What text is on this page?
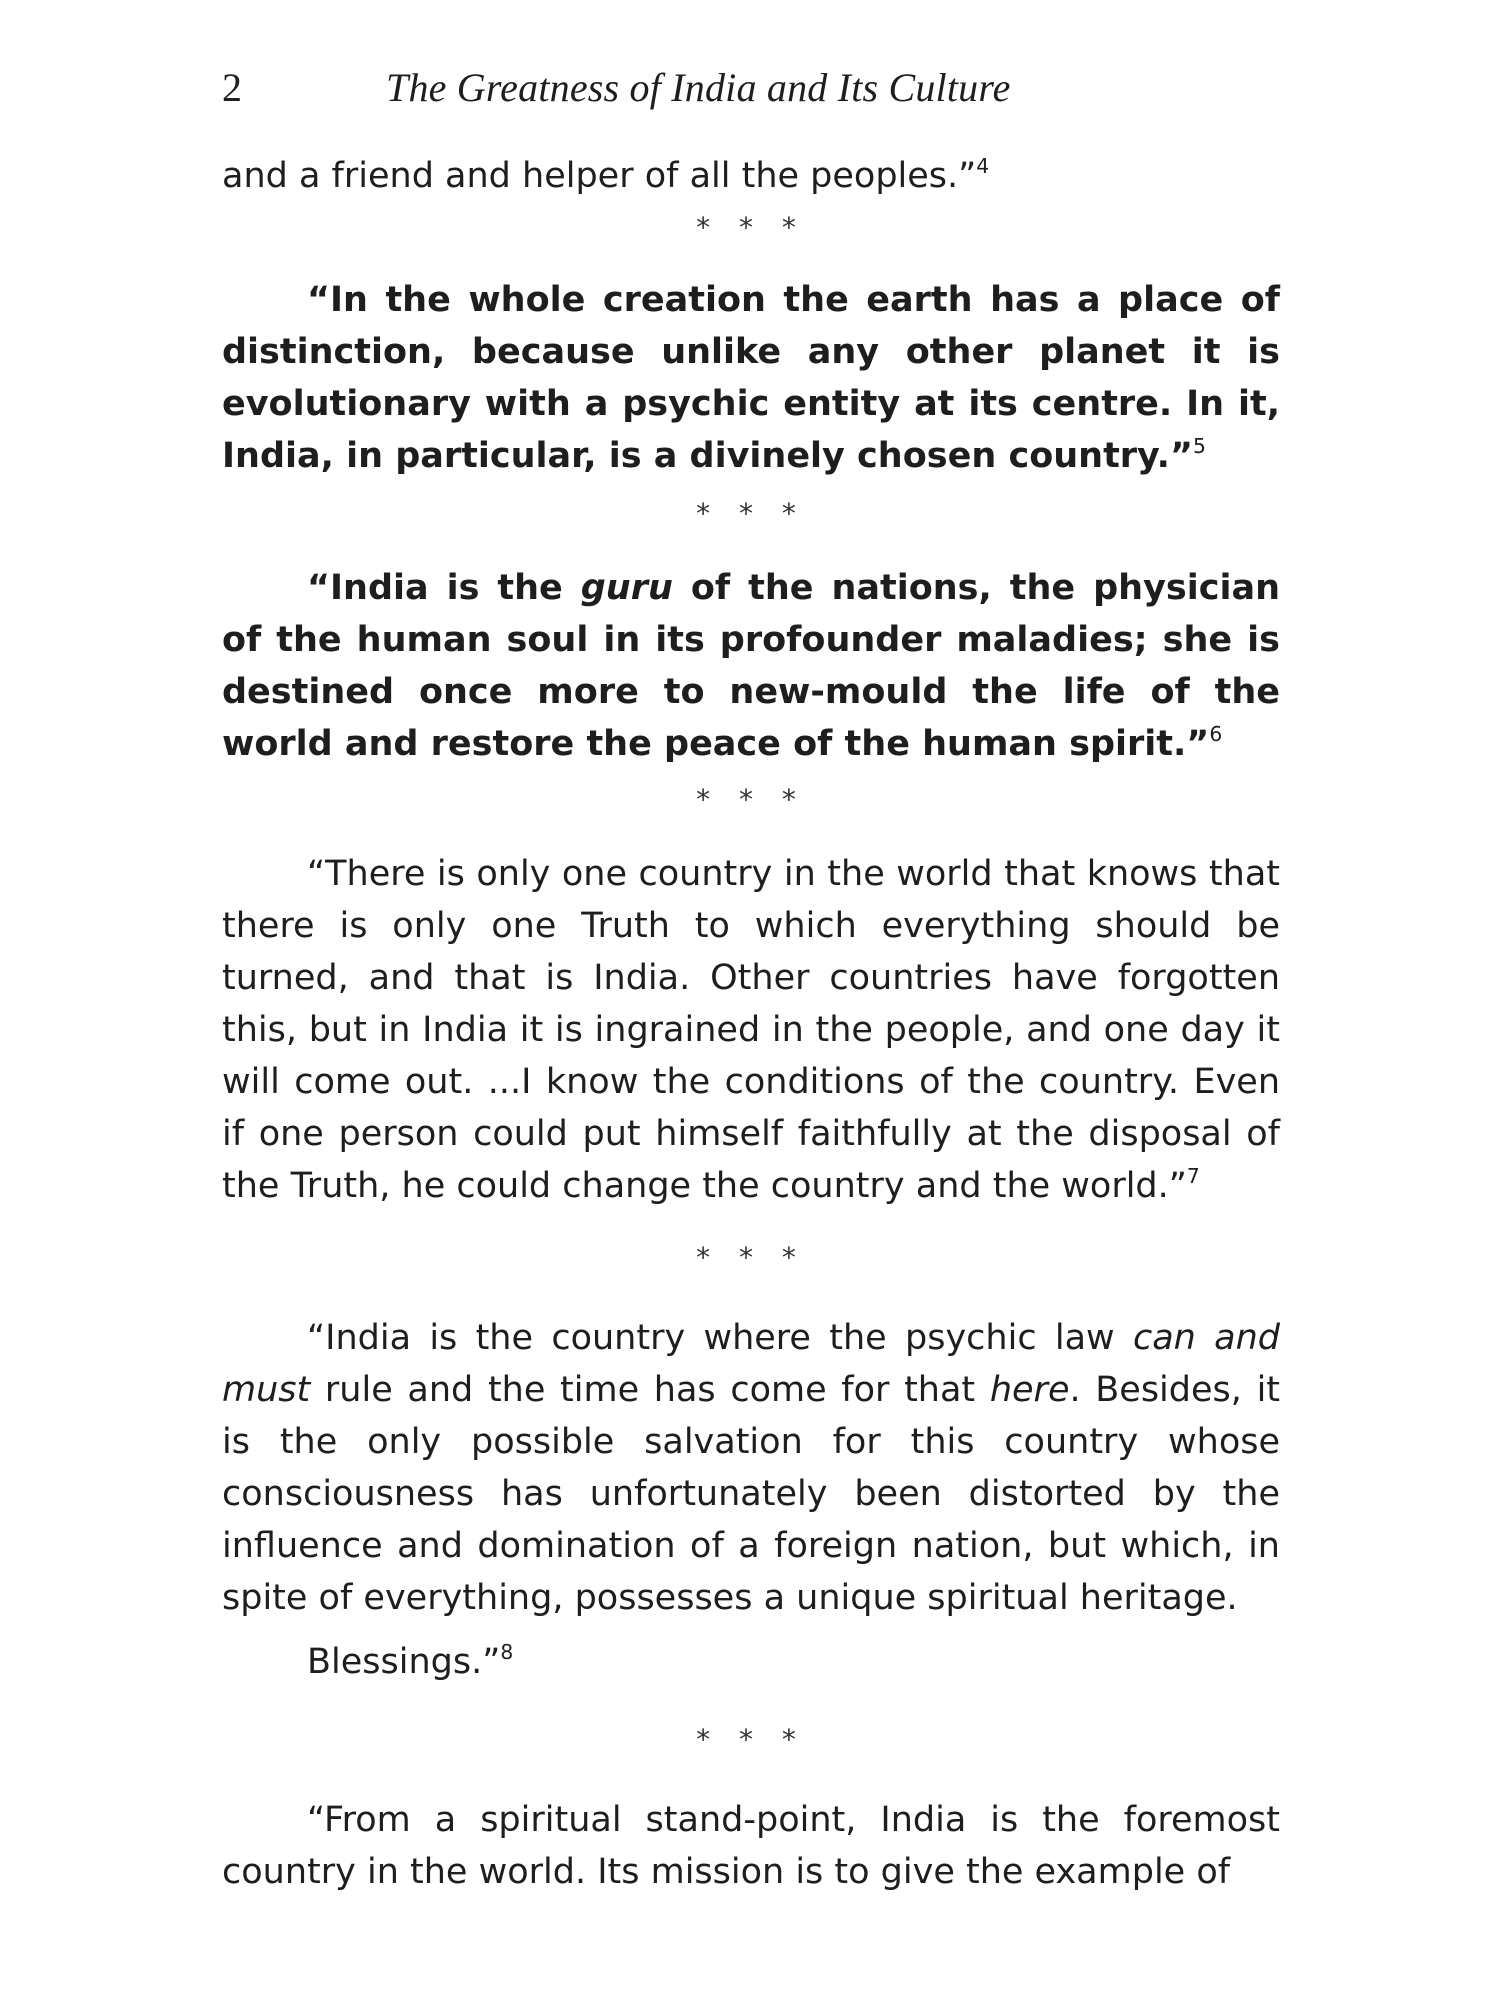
2	The Greatness of India and Its Culture

and a friend and helper of all the peoples.”$^4$

* * *

“In the whole creation the earth has a place of distinction, because unlike any other planet it is evolutionary with a psychic entity at its centre. In it, India, in particular, is a divinely chosen country.”$^5$

* * *

“India is the guru of the nations, the physician of the human soul in its profounder maladies; she is destined once more to new-mould the life of the world and restore the peace of the human spirit.”$^6$

* * *

“There is only one country in the world that knows that there is only one Truth to which everything should be turned, and that is India. Other countries have forgotten this, but in India it is ingrained in the people, and one day it will come out. ...I know the conditions of the country. Even if one person could put himself faithfully at the disposal of the Truth, he could change the country and the world.”$^7$

* * *

“India is the country where the psychic law can and must rule and the time has come for that here. Besides, it is the only possible salvation for this country whose consciousness has unfortunately been distorted by the influence and domination of a foreign nation, but which, in spite of everything, possesses a unique spiritual heritage.

Blessings.”$^8$

* * *

“From a spiritual stand-point, India is the foremost country in the world. Its mission is to give the example of
